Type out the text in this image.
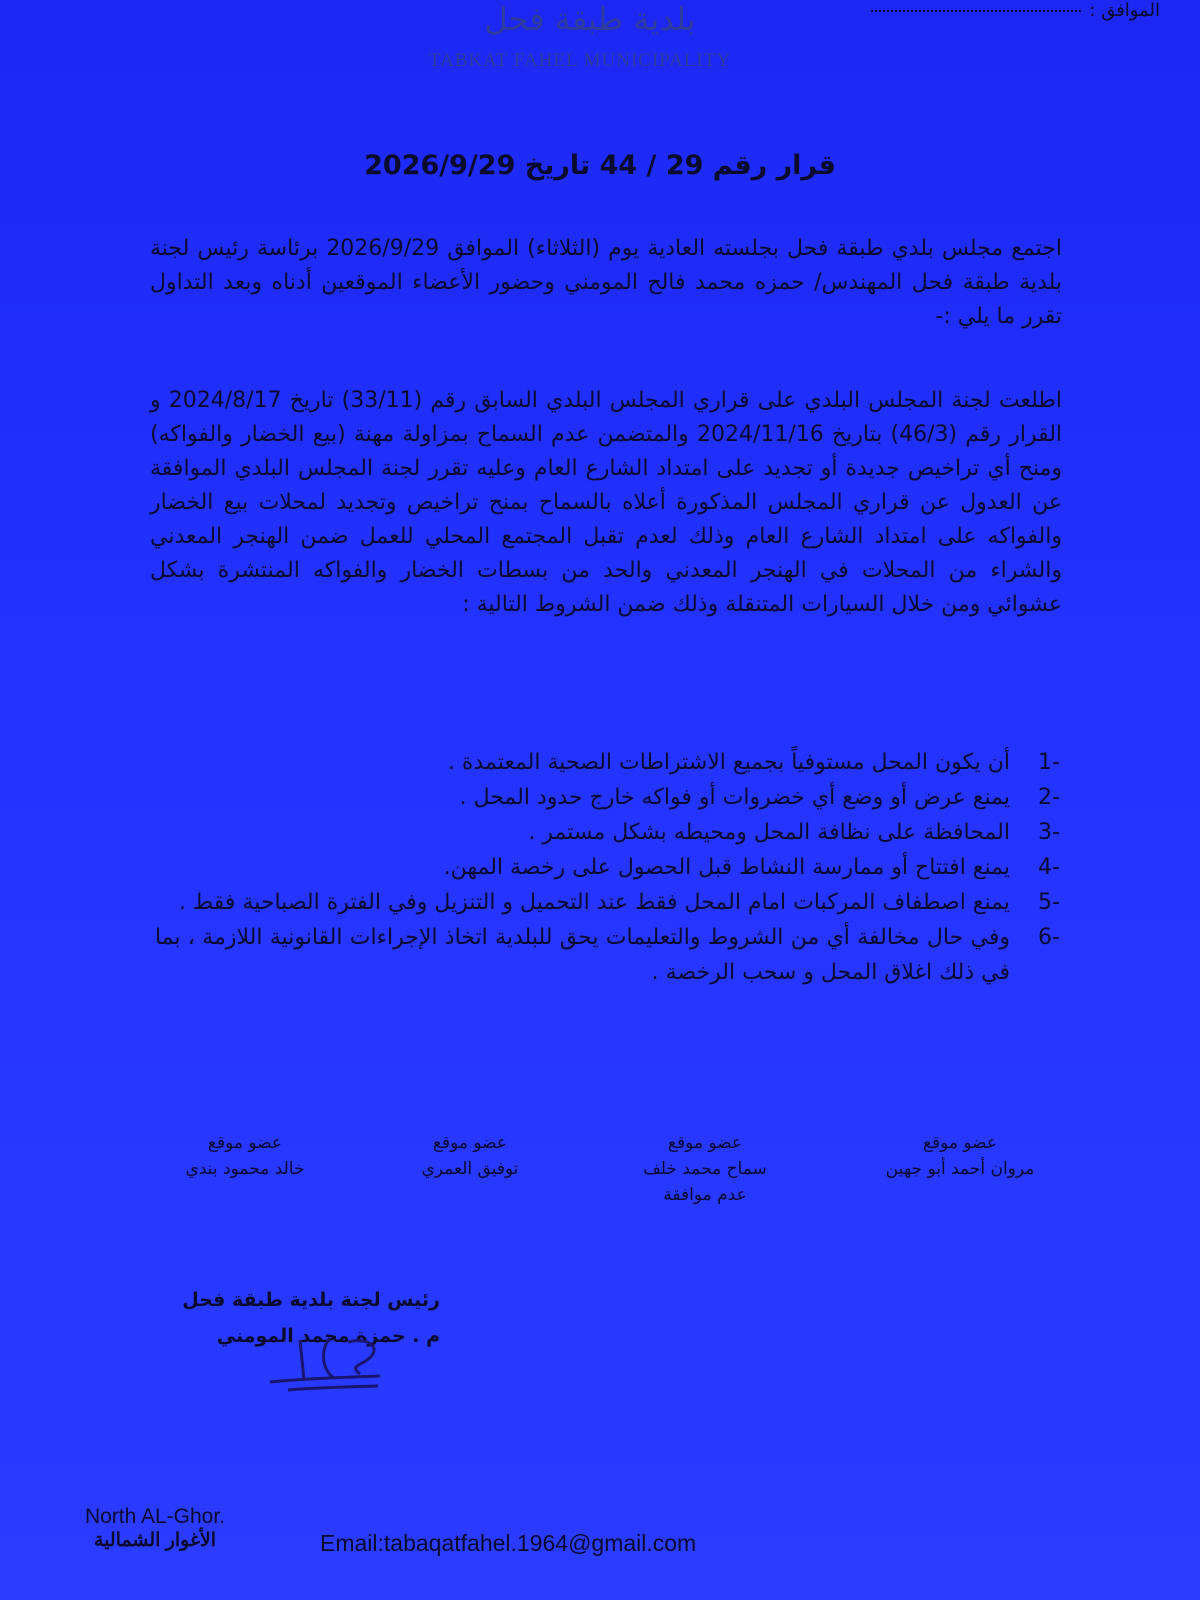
الموافق :
بلدية طبقة فحل
TABKAT FAHEL MUNICIPALITY
قرار رقم 29 / 44 تاريخ 2026/9/29

اجتمع مجلس بلدي طبقة فحل بجلسته العادية يوم (الثلاثاء) الموافق 2026/9/29 برئاسة رئيس لجنة بلدية طبقة فحل المهندس/ حمزه محمد فالح المومني وحضور الأعضاء الموقعين أدناه وبعد التداول تقرر ما يلي :-

اطلعت لجنة المجلس البلدي على قراري المجلس البلدي السابق رقم (33/11) تاريخ 2024/8/17 و القرار رقم (46/3) بتاريخ 2024/11/16 والمتضمن عدم السماح بمزاولة مهنة (بيع الخضار والفواكه) ومنح أي تراخيص جديدة أو تجديد على امتداد الشارع العام وعليه تقرر لجنة المجلس البلدي الموافقة عن العدول عن قراري المجلس المذكورة أعلاه بالسماح بمنح تراخيص وتجديد لمحلات بيع الخضار والفواكه على امتداد الشارع العام وذلك لعدم تقبل المجتمع المحلي للعمل ضمن الهنجر المعدني والشراء من المحلات في الهنجر المعدني والحد من بسطات الخضار والفواكه المنتشرة بشكل عشوائي ومن خلال السيارات المتنقلة وذلك ضمن الشروط التالية :

-1
أن يكون المحل مستوفياً بجميع الاشتراطات الصحية المعتمدة .
-2
يمنع عرض أو وضع أي خضروات أو فواكه خارج حدود المحل .
-3
المحافظة على نظافة المحل ومحيطه بشكل مستمر .
-4
يمنع افتتاح أو ممارسة النشاط قبل الحصول على رخصة المهن.
-5
يمنع اصطفاف المركبات امام المحل فقط عند التحميل و التنزيل وفي الفترة الصباحية فقط .
-6
وفي حال مخالفة أي من الشروط والتعليمات يحق للبلدية اتخاذ الإجراءات القانونية اللازمة ، بما في ذلك اغلاق المحل و سحب الرخصة .
عضو موقع
مروان أحمد أبو جهين
عضو موقع
سماح محمد خلف
عدم موافقة
عضو موقع
توفيق العمري
عضو موقع
خالد محمود بندي
رئيس لجنة بلدية طبقة فحل
م . حمزة محمد المومني
North AL-Ghor.
الأغوار الشمالية	Email:tabaqatfahel.1964@gmail.com
